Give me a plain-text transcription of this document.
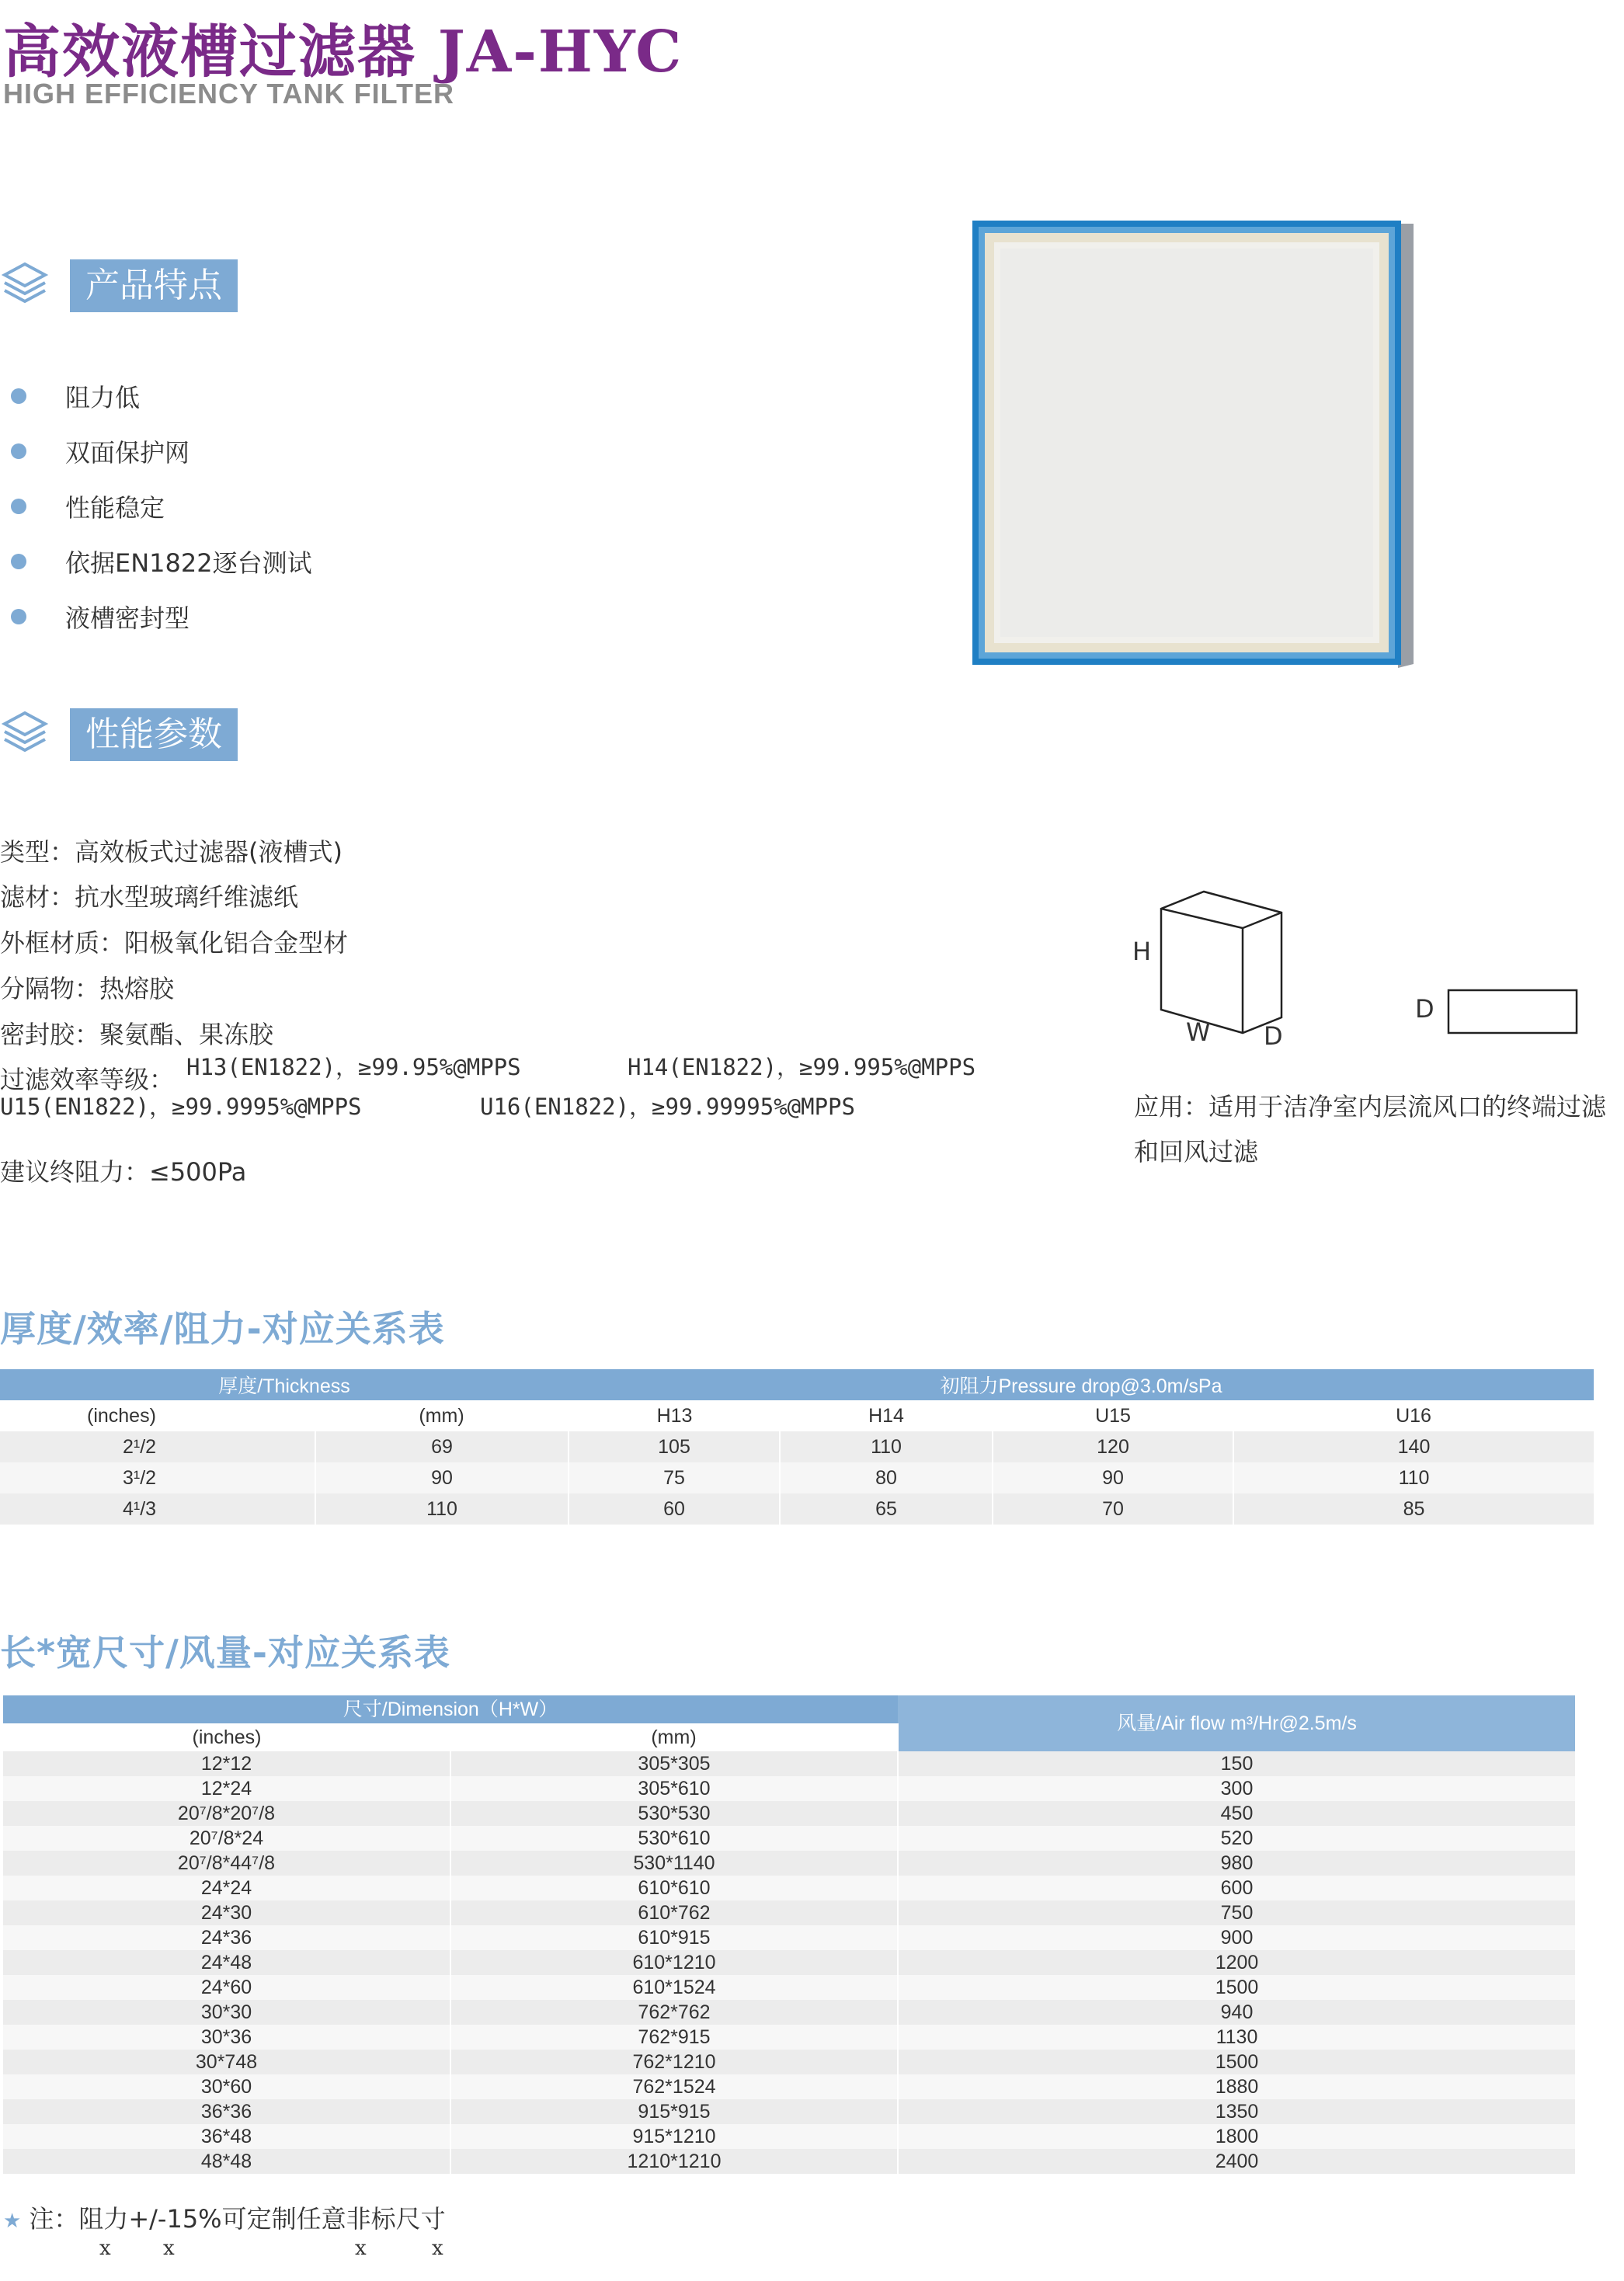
高效液槽过滤器 JA-HYC
HIGH EFFICIENCY TANK FILTER
产品特点
阻力低
双面保护网
性能稳定
依据EN1822逐台测试
液槽密封型
性能参数
类型：高效板式过滤器(液槽式)
滤材：抗水型玻璃纤维滤纸
外框材质：阳极氧化铝合金型材
分隔物：热熔胶
密封胶：聚氨酯、果冻胶
过滤效率等级： H13(EN1822)，≥99.95%@MPPS	H14(EN1822)，≥99.995%@MPPS
U15(EN1822)，≥99.9995%@MPPS	U16(EN1822)，≥99.99995%@MPPS
建议终阻力：≤500Pa
H
W D
D
应用：适用于洁净室内层流风口的终端过滤
和回风过滤
厚度/效率/阻力-对应关系表
厚度/Thickness		初阻力Pressure drop@3.0m/sPa			
(inches)	(mm)	H13	H14	U15	U16
2¹/2	69	105	110	120	140
3¹/2	90	75	80	90	110
4¹/3	110	60	65	70	85
长*宽尺寸/风量-对应关系表
尺寸/Dimension（H*W）		风量/Air flow m³/Hr@2.5m/s
(inches)	(mm)	
12*12	305*305	150
12*24	305*610	300
20⁷/8*20⁷/8	530*530	450
20⁷/8*24	530*610	520
20⁷/8*44⁷/8	530*1140	980
24*24	610*610	600
24*30	610*762	750
24*36	610*915	900
24*48	610*1210	1200
24*60	610*1524	1500
30*30	762*762	940
30*36	762*915	1130
30*748	762*1210	1500
30*60	762*1524	1880
36*36	915*915	1350
36*48	915*1210	1800
48*48	1210*1210	2400
★ 注：阻力+/-15%可定制任意非标尺寸
x	x	x	x
